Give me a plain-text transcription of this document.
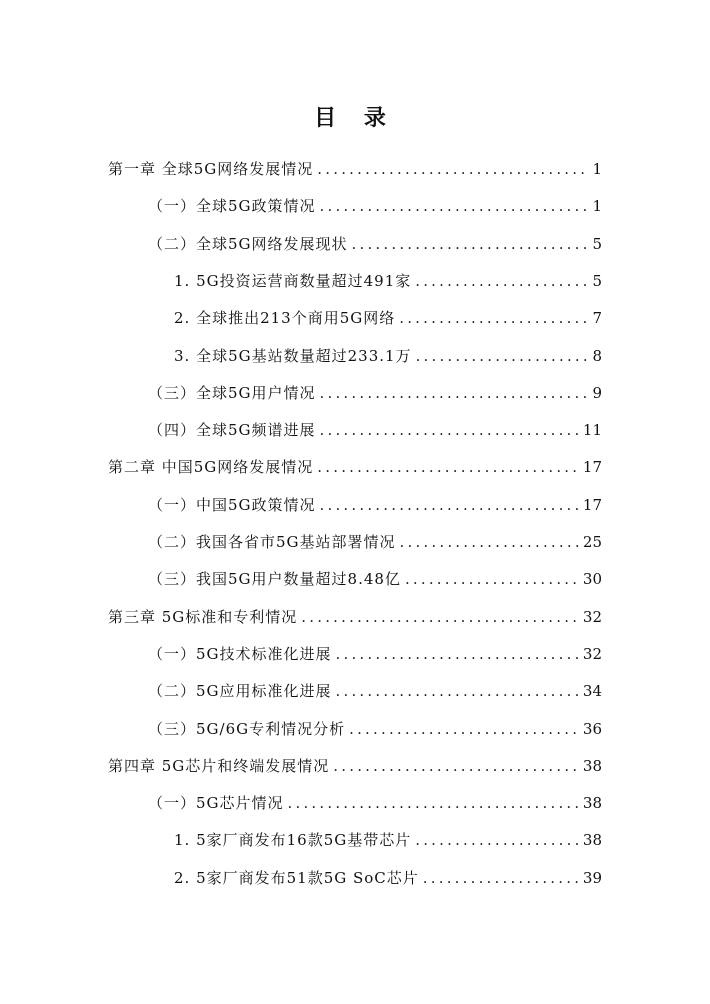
目 录
第一章 全球5G网络发展情况 .....	1
（一）全球5G政策情况 .....	1
（二）全球5G网络发展现状 .....	5
1. 5G投资运营商数量超过491家 .....	5
2. 全球推出213个商用5G网络 .....	7
3. 全球5G基站数量超过233.1万 .....	8
（三）全球5G用户情况 .....	9
（四）全球5G频谱进展 .....	11
第二章 中国5G网络发展情况 .....	17
（一）中国5G政策情况 .....	17
（二）我国各省市5G基站部署情况 .....	25
（三）我国5G用户数量超过8.48亿 .....	30
第三章 5G标准和专利情况 .....	32
（一）5G技术标准化进展 .....	32
（二）5G应用标准化进展 .....	34
（三）5G/6G专利情况分析 .....	36
第四章 5G芯片和终端发展情况 .....	38
（一）5G芯片情况 .....	38
1. 5家厂商发布16款5G基带芯片 .....	38
2. 5家厂商发布51款5G SoC芯片 .....	39
